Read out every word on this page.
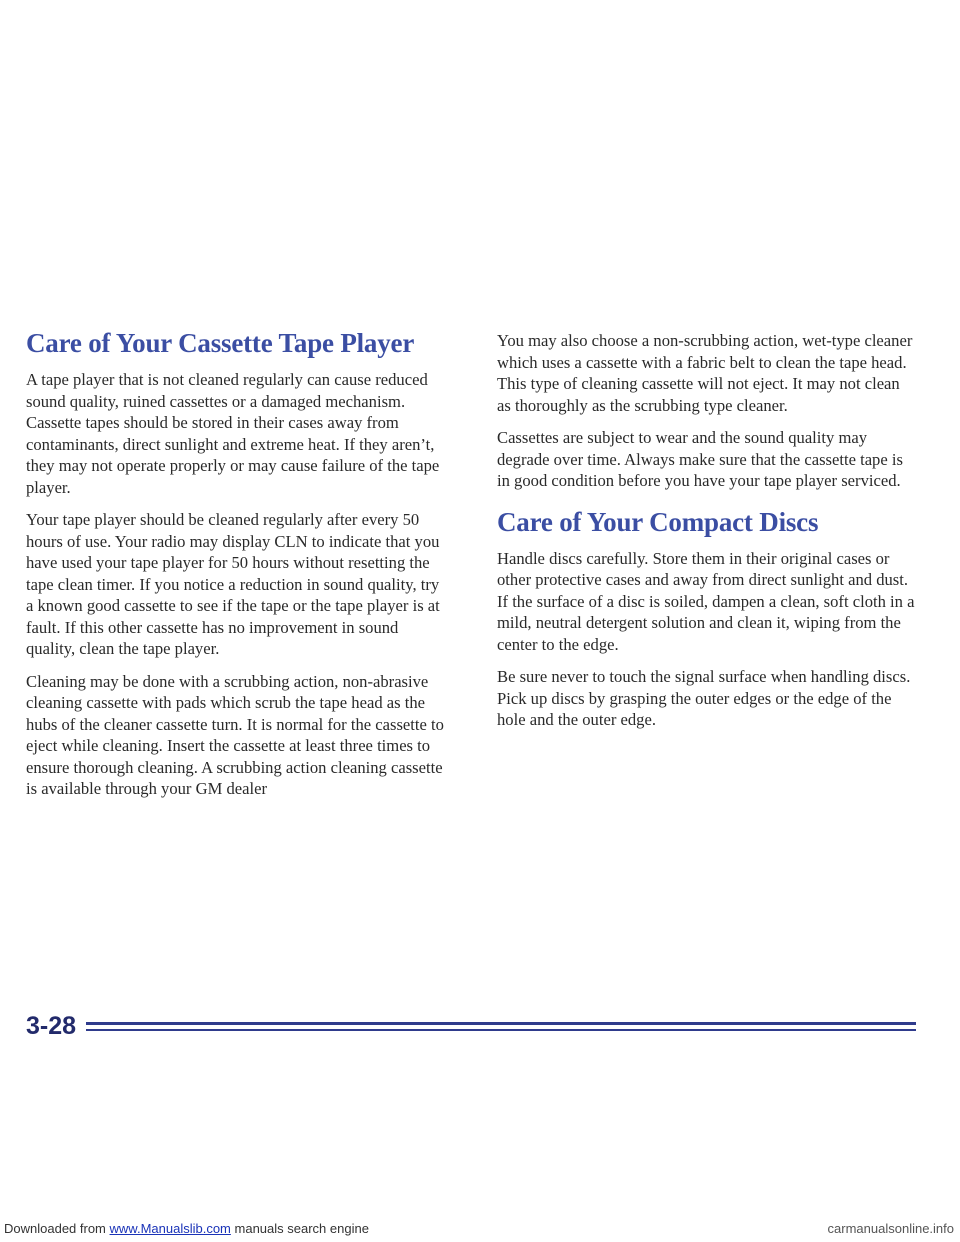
Care of Your Cassette Tape Player

A tape player that is not cleaned regularly can cause reduced sound quality, ruined cassettes or a damaged mechanism. Cassette tapes should be stored in their cases away from contaminants, direct sunlight and extreme heat. If they aren’t, they may not operate properly or may cause failure of the tape player.

Your tape player should be cleaned regularly after every 50 hours of use. Your radio may display CLN to indicate that you have used your tape player for 50 hours without resetting the tape clean timer. If you notice a reduction in sound quality, try a known good cassette to see if the tape or the tape player is at fault. If this other cassette has no improvement in sound quality, clean the tape player.

Cleaning may be done with a scrubbing action, non-abrasive cleaning cassette with pads which scrub the tape head as the hubs of the cleaner cassette turn. It is normal for the cassette to eject while cleaning. Insert the cassette at least three times to ensure thorough cleaning. A scrubbing action cleaning cassette is available through your GM dealer

You may also choose a non-scrubbing action, wet-type cleaner which uses a cassette with a fabric belt to clean the tape head. This type of cleaning cassette will not eject. It may not clean as thoroughly as the scrubbing type cleaner.

Cassettes are subject to wear and the sound quality may degrade over time. Always make sure that the cassette tape is in good condition before you have your tape player serviced.

Care of Your Compact Discs

Handle discs carefully. Store them in their original cases or other protective cases and away from direct sunlight and dust. If the surface of a disc is soiled, dampen a clean, soft cloth in a mild, neutral detergent solution and clean it, wiping from the center to the edge.

Be sure never to touch the signal surface when handling discs. Pick up discs by grasping the outer edges or the edge of the hole and the outer edge.

3-28
Downloaded from www.Manualslib.com manuals search engine	carmanualsonline.info
